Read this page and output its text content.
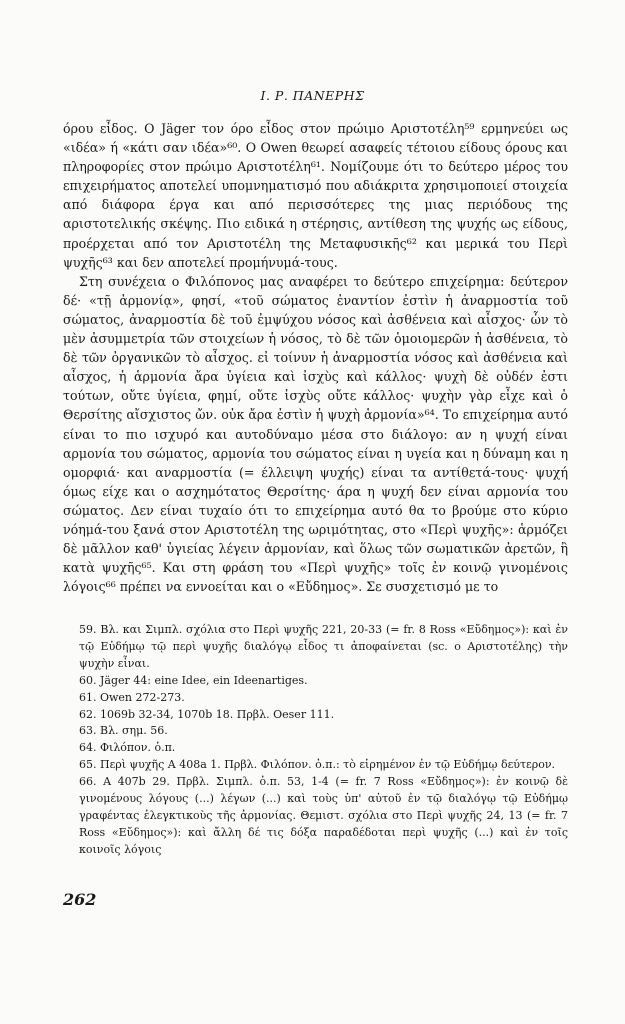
Ι. Ρ. ΠΑΝΕΡΗΣ

όρου εἶδος. Ο Jäger τον όρο εἶδος στον πρώιμο Αριστοτέλη⁵⁹ ερμηνεύει ως «ιδέα» ή «κάτι σαν ιδέα»⁶⁰. Ο Owen θεωρεί ασαφείς τέτοιου είδους όρους και πληροφορίες στον πρώιμο Αριστοτέλη⁶¹. Νομίζουμε ότι το δεύτερο μέρος του επιχειρήματος αποτελεί υπομνηματισμό που αδιάκριτα χρησιμοποιεί στοιχεία από διάφορα έργα και από περισσότερες της μιας περιόδους της αριστοτελικής σκέψης. Πιο ειδικά η στέρησις, αντίθεση της ψυχής ως είδους, προέρχεται από τον Αριστοτέλη της Μεταφυσικῆς⁶² και μερικά του Περὶ ψυχῆς⁶³ και δεν αποτελεί προμήνυμά-τους.

Στη συνέχεια ο Φιλόπονος μας αναφέρει το δεύτερο επιχείρημα: δεύτερον δέ· «τῇ ἁρμονίᾳ», φησί, «τοῦ σώματος ἐναντίον ἐστὶν ἡ ἀναρμοστία τοῦ σώματος, ἀναρμοστία δὲ τοῦ ἐμψύχου νόσος καὶ ἀσθένεια καὶ αἶσχος· ὧν τὸ μὲν ἀσυμμετρία τῶν στοιχείων ἡ νόσος, τὸ δὲ τῶν ὁμοιομερῶν ἡ ἀσθένεια, τὸ δὲ τῶν ὀργανικῶν τὸ αἶσχος. εἰ τοίνυν ἡ ἀναρμοστία νόσος καὶ ἀσθένεια καὶ αἶσχος, ἡ ἁρμονία ἄρα ὑγίεια καὶ ἰσχὺς καὶ κάλλος· ψυχὴ δὲ οὐδέν ἐστι τούτων, οὔτε ὑγίεια, φημί, οὔτε ἰσχὺς οὔτε κάλλος· ψυχὴν γὰρ εἶχε καὶ ὁ Θερσίτης αἴσχιστος ὤν. οὐκ ἄρα ἐστὶν ἡ ψυχὴ ἁρμονία»⁶⁴. Το επιχείρημα αυτό είναι το πιο ισχυρό και αυτοδύναμο μέσα στο διάλογο: αν η ψυχή είναι αρμονία του σώματος, αρμονία του σώματος είναι η υγεία και η δύναμη και η ομορφιά· και αναρμοστία (= έλλειψη ψυχής) είναι τα αντίθετά-τους· ψυχή όμως είχε και ο ασχημότατος Θερσίτης· άρα η ψυχή δεν είναι αρμονία του σώματος. Δεν είναι τυχαίο ότι το επιχείρημα αυτό θα το βρούμε στο κύριο νόημά-του ξανά στον Αριστοτέλη της ωριμότητας, στο «Περὶ ψυχῆς»: ἁρμόζει δὲ μᾶλλον καθ' ὑγιείας λέγειν ἁρμονίαν, καὶ ὅλως τῶν σωματικῶν ἀρετῶν, ἢ κατὰ ψυχῆς⁶⁵. Και στη φράση του «Περὶ ψυχῆς» τοῖς ἐν κοινῷ γινομένοις λόγοις⁶⁶ πρέπει να εννοείται και ο «Εὔδημος». Σε συσχετισμό με το

59. Βλ. και Σιμπλ. σχόλια στο Περὶ ψυχῆς 221, 20-33 (= fr. 8 Ross «Εὔδημος»): καὶ ἐν τῷ Εὐδήμῳ τῷ περὶ ψυχῆς διαλόγῳ εἶδος τι ἀποφαίνεται (sc. ο Αριστοτέλης) τὴν ψυχὴν εἶναι.

60. Jäger 44: eine Idee, ein Ideenartiges.

61. Owen 272-273.

62. 1069b 32-34, 1070b 18. Πρβλ. Oeser 111.

63. Βλ. σημ. 56.

64. Φιλόπον. ὁ.π.

65. Περὶ ψυχῆς Α 408a 1. Πρβλ. Φιλόπον. ὁ.π.: τὸ εἰρημένον ἐν τῷ Εὐδήμῳ δεύτερον.

66. Α 407b 29. Πρβλ. Σιμπλ. ὁ.π. 53, 1-4 (= fr. 7 Ross «Εὔδημος»): ἐν κοινῷ δὲ γινομένους λόγους (...) λέγων (...) καὶ τοὺς ὑπ' αὐτοῦ ἐν τῷ διαλόγῳ τῷ Εὐδήμῳ γραφέντας ἐλεγκτικοὺς τῆς ἁρμονίας. Θεμιστ. σχόλια στο Περὶ ψυχῆς 24, 13 (= fr. 7 Ross «Εὔδημος»): καὶ ἄλλη δέ τις δόξα παραδέδοται περὶ ψυχῆς (...) καὶ ἐν τοῖς κοινοῖς λόγοις

262
